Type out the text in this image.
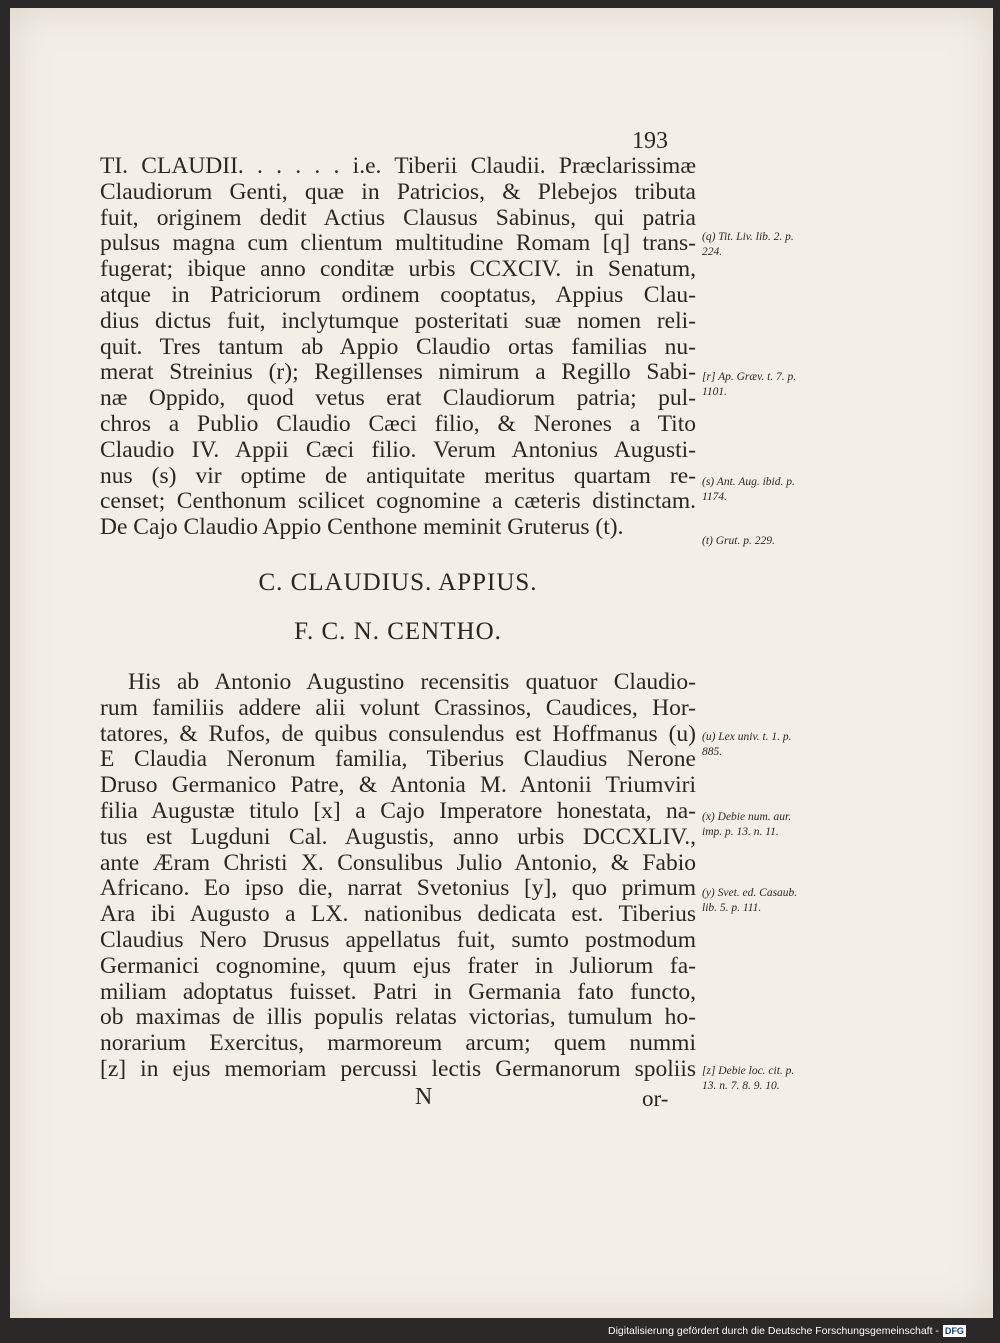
193
TI. CLAUDII. . . . . . i.e. Tiberii Claudii. Præclarissimæ
Claudiorum Genti, quæ in Patricios, & Plebejos tributa
fuit, originem dedit Actius Clausus Sabinus, qui patria
pulsus magna cum clientum multitudine Romam [q] trans-
fugerat; ibique anno conditæ urbis CCXCIV. in Senatum,
atque in Patriciorum ordinem cooptatus, Appius Clau-
dius dictus fuit, inclytumque posteritati suæ nomen reli-
quit. Tres tantum ab Appio Claudio ortas familias nu-
merat Streinius (r); Regillenses nimirum a Regillo Sabi-
næ Oppido, quod vetus erat Claudiorum patria; pul-
chros a Publio Claudio Cæci filio, & Nerones a Tito
Claudio IV. Appii Cæci filio. Verum Antonius Augusti-
nus (s) vir optime de antiquitate meritus quartam re-
censet; Centhonum scilicet cognomine a cæteris distinctam.
De Cajo Claudio Appio Centhone meminit Gruterus (t).
C. CLAUDIUS. APPIUS.
F. C. N. CENTHO.
His ab Antonio Augustino recensitis quatuor Claudio-
rum familiis addere alii volunt Crassinos, Caudices, Hor-
tatores, & Rufos, de quibus consulendus est Hoffmanus (u)
E Claudia Neronum familia, Tiberius Claudius Nerone
Druso Germanico Patre, & Antonia M. Antonii Triumviri
filia Augustæ titulo [x] a Cajo Imperatore honestata, na-
tus est Lugduni Cal. Augustis, anno urbis DCCXLIV.,
ante Æram Christi X. Consulibus Julio Antonio, & Fabio
Africano. Eo ipso die, narrat Svetonius [y], quo primum
Ara ibi Augusto a LX. nationibus dedicata est. Tiberius
Claudius Nero Drusus appellatus fuit, sumto postmodum
Germanici cognomine, quum ejus frater in Juliorum fa-
miliam adoptatus fuisset. Patri in Germania fato functo,
ob maximas de illis populis relatas victorias, tumulum ho-
norarium Exercitus, marmoreum arcum; quem nummi
[z] in ejus memoriam percussi lectis Germanorum spoliis
(q) Tit. Liv. lib. 2. p. 224.
[r] Ap. Græv. t. 7. p. 1101.
(s) Ant. Aug. ibid. p. 1174.
(t) Grut. p. 229.
(u) Lex univ. t. 1. p. 885.
(x) Debie num. aur. imp. p. 13. n. 11.
(y) Svet. ed. Casaub. lib. 5. p. 111.
[z] Debie loc. cit. p. 13. n. 7. 8. 9. 10.
N	or-
Digitalisierung gefördert durch die Deutsche Forschungsgemeinschaft - DFG
